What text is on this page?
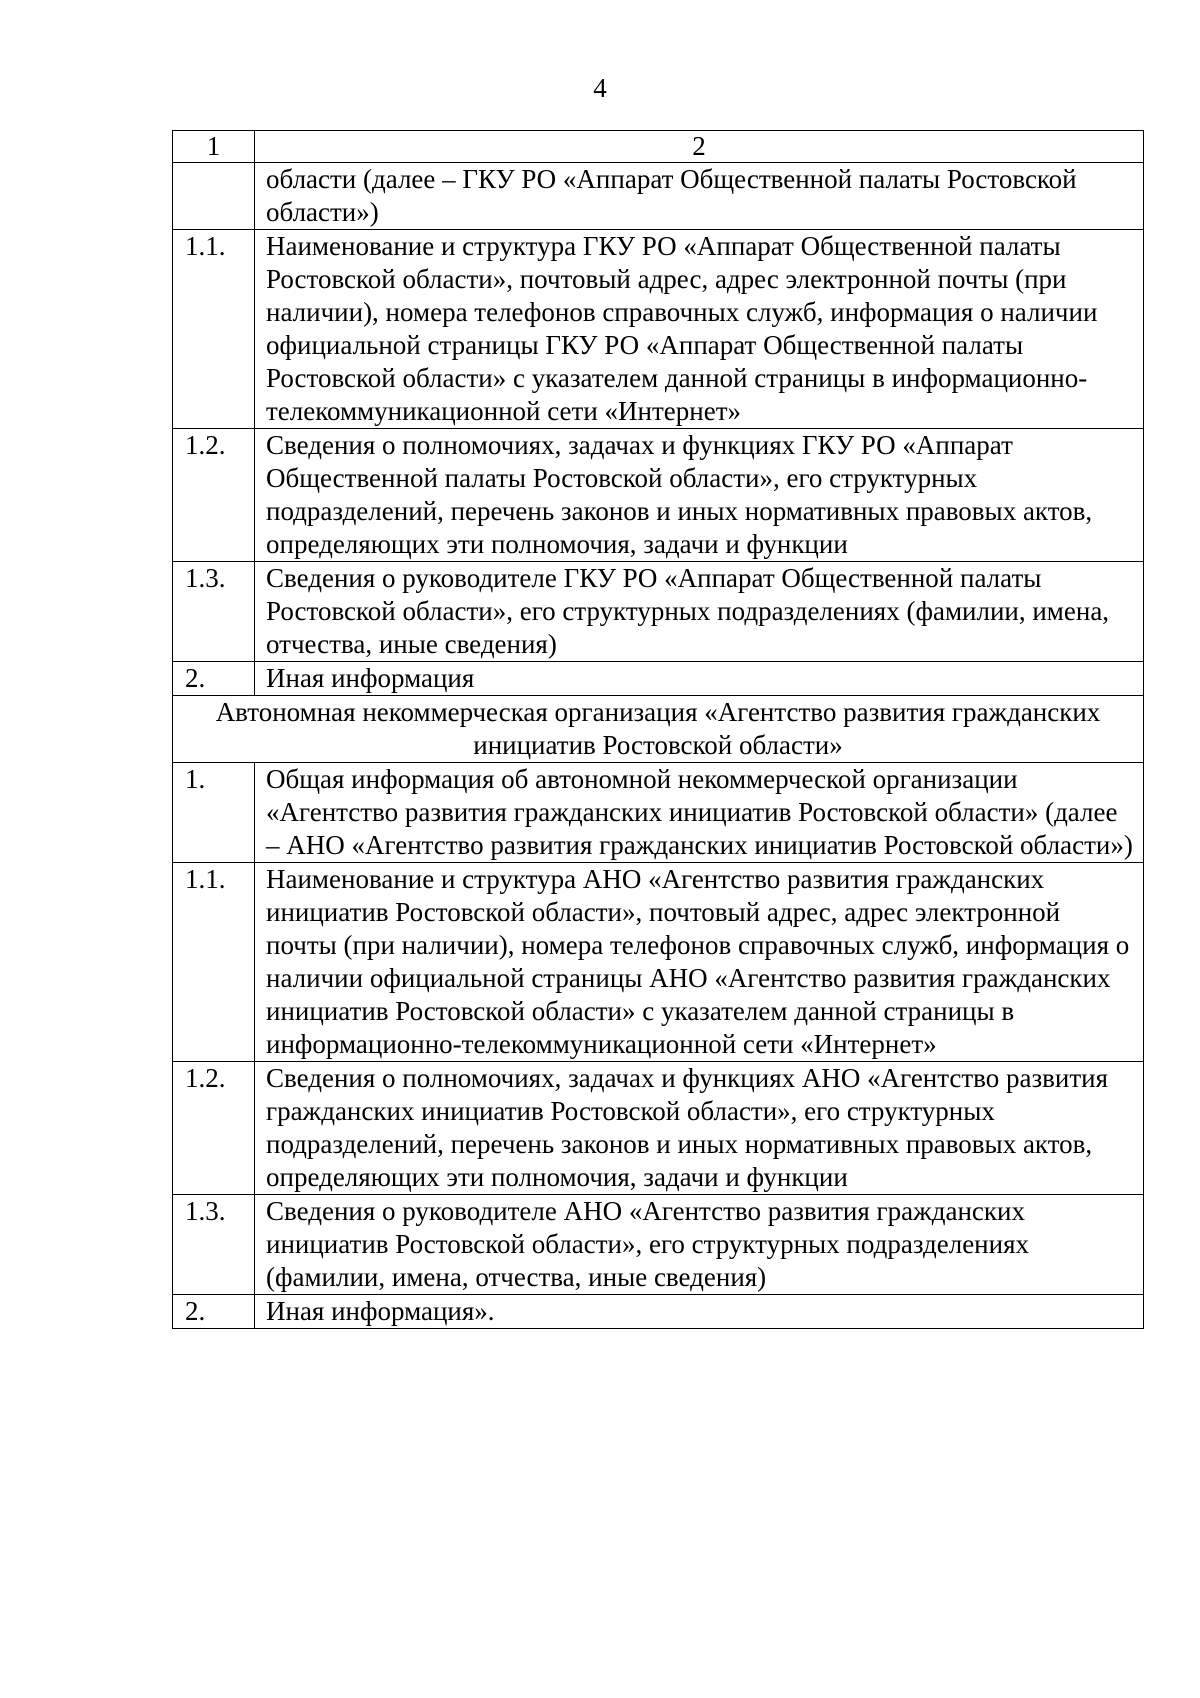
4
1	2
	области (далее – ГКУ РО «Аппарат Общественной палаты Ростовской области»)
1.1.	Наименование и структура ГКУ РО «Аппарат Общественной палаты Ростовской области», почтовый адрес, адрес электронной почты (при наличии), номера телефонов справочных служб, информация о наличии официальной страницы ГКУ РО «Аппарат Общественной палаты Ростовской области» с указателем данной страницы в информационно-телекоммуникационной сети «Интернет»
1.2.	Сведения о полномочиях, задачах и функциях ГКУ РО «Аппарат Общественной палаты Ростовской области», его структурных подразделений, перечень законов и иных нормативных правовых актов, определяющих эти полномочия, задачи и функции
1.3.	Сведения о руководителе ГКУ РО «Аппарат Общественной палаты Ростовской области», его структурных подразделениях (фамилии, имена, отчества, иные сведения)
2.	Иная информация
Автономная некоммерческая организация «Агентство развития гражданских инициатив Ростовской области»	
1.	Общая информация об автономной некоммерческой организации «Агентство развития гражданских инициатив Ростовской области» (далее – АНО «Агентство развития гражданских инициатив Ростовской области»)
1.1.	Наименование и структура АНО «Агентство развития гражданских инициатив Ростовской области», почтовый адрес, адрес электронной почты (при наличии), номера телефонов справочных служб, информация о наличии официальной страницы АНО «Агентство развития гражданских инициатив Ростовской области» с указателем данной страницы в информационно-телекоммуникационной сети «Интернет»
1.2.	Сведения о полномочиях, задачах и функциях АНО «Агентство развития гражданских инициатив Ростовской области», его структурных подразделений, перечень законов и иных нормативных правовых актов, определяющих эти полномочия, задачи и функции
1.3.	Сведения о руководителе АНО «Агентство развития гражданских инициатив Ростовской области», его структурных подразделениях (фамилии, имена, отчества, иные сведения)
2.	Иная информация».
